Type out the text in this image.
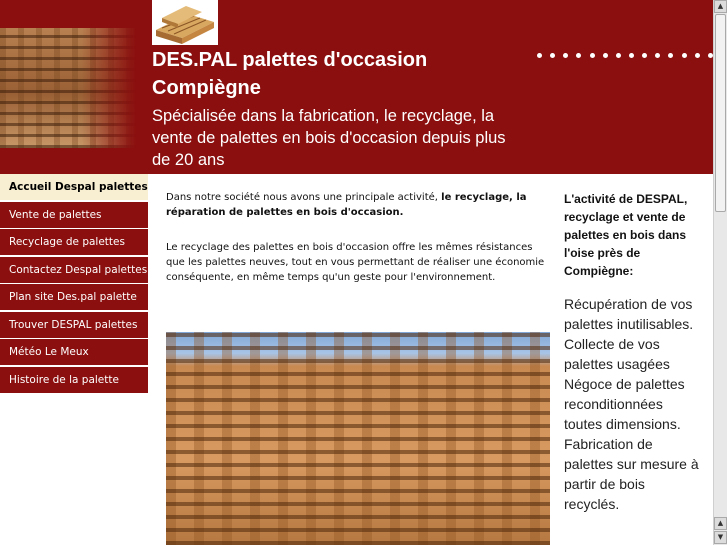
DES.PAL palettes d'occasion Compiègne

Spécialisée dans la fabrication, le recyclage, la vente de palettes en bois d'occasion depuis plus de 20 ans

Accueil Despal palettes
Vente de palettes
Recyclage de palettes
Contactez Despal palettes
Plan site Des.pal palette
Trouver DESPAL palettes
Météo Le Meux
Histoire de la palette

Dans notre société nous avons une principale activité, le recyclage, la réparation de palettes en bois d'occasion.

Le recyclage des palettes en bois d'occasion offre les mêmes résistances que les palettes neuves, tout en vous permettant de réaliser une économie conséquente, en même temps qu'un geste pour l'environnement.

L'activité de DESPAL, recyclage et vente de palettes en bois dans l'oise près de Compiègne:

Récupération de vos palettes inutilisables. Collecte de vos palettes usagées Négoce de palettes reconditionnées toutes dimensions. Fabrication de palettes sur mesure à partir de bois recyclés.

▲
▲
▼
